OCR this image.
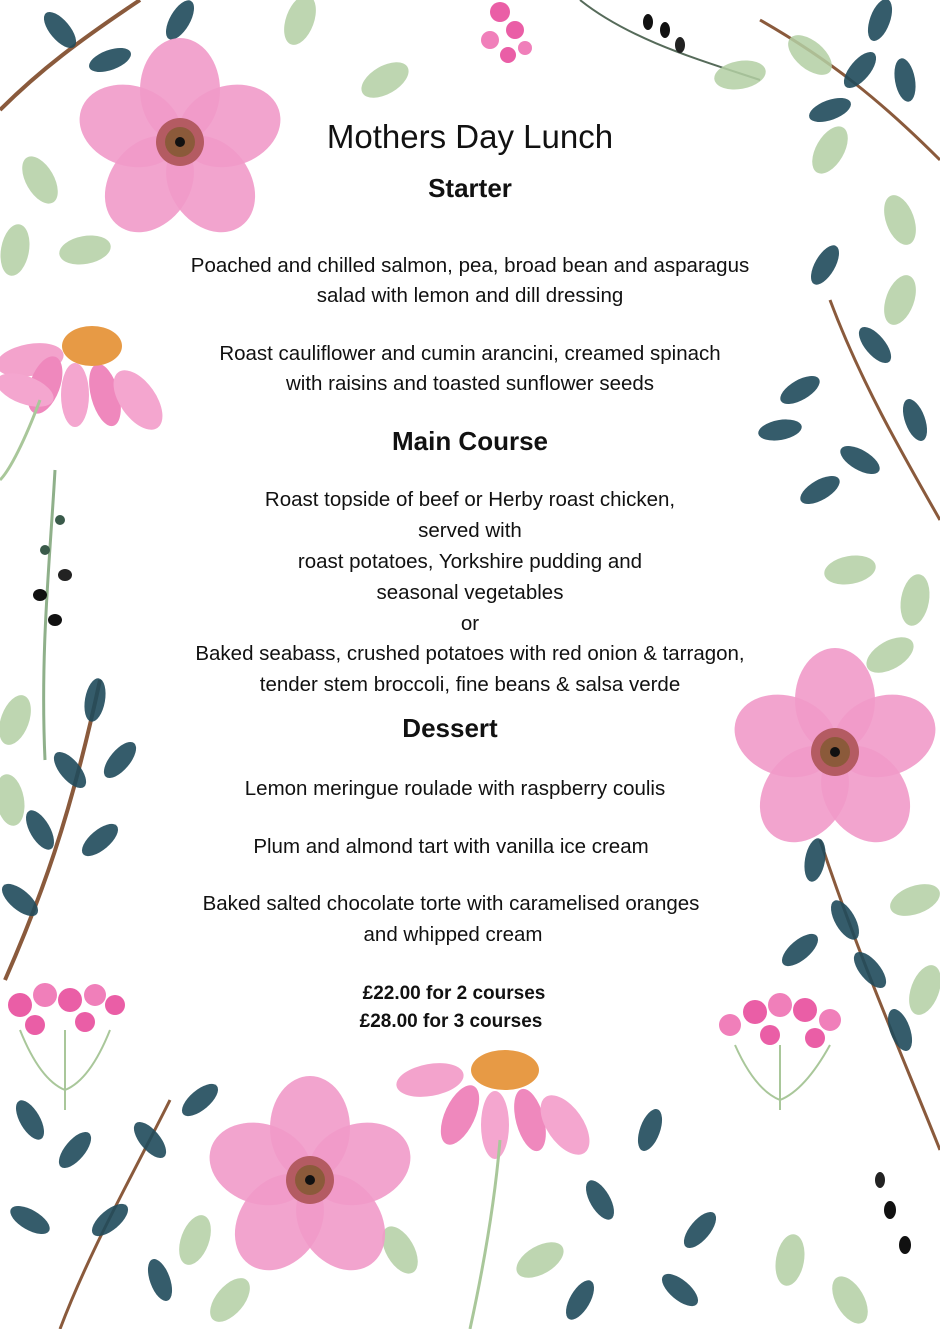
Mothers Day Lunch
Starter
Poached and chilled salmon, pea, broad bean and asparagus
salad with lemon and dill dressing
Roast cauliflower and cumin arancini, creamed spinach
with raisins and toasted sunflower seeds
Main Course
Roast topside of beef or Herby roast chicken,
served with
roast potatoes, Yorkshire pudding and
seasonal vegetables
or
Baked seabass, crushed potatoes with red onion & tarragon,
tender stem broccoli, fine beans & salsa verde
Dessert
Lemon meringue roulade with raspberry coulis
Plum and almond tart with vanilla ice cream
Baked salted chocolate torte with caramelised oranges
and whipped cream
£22.00 for 2 courses
£28.00 for 3 courses
